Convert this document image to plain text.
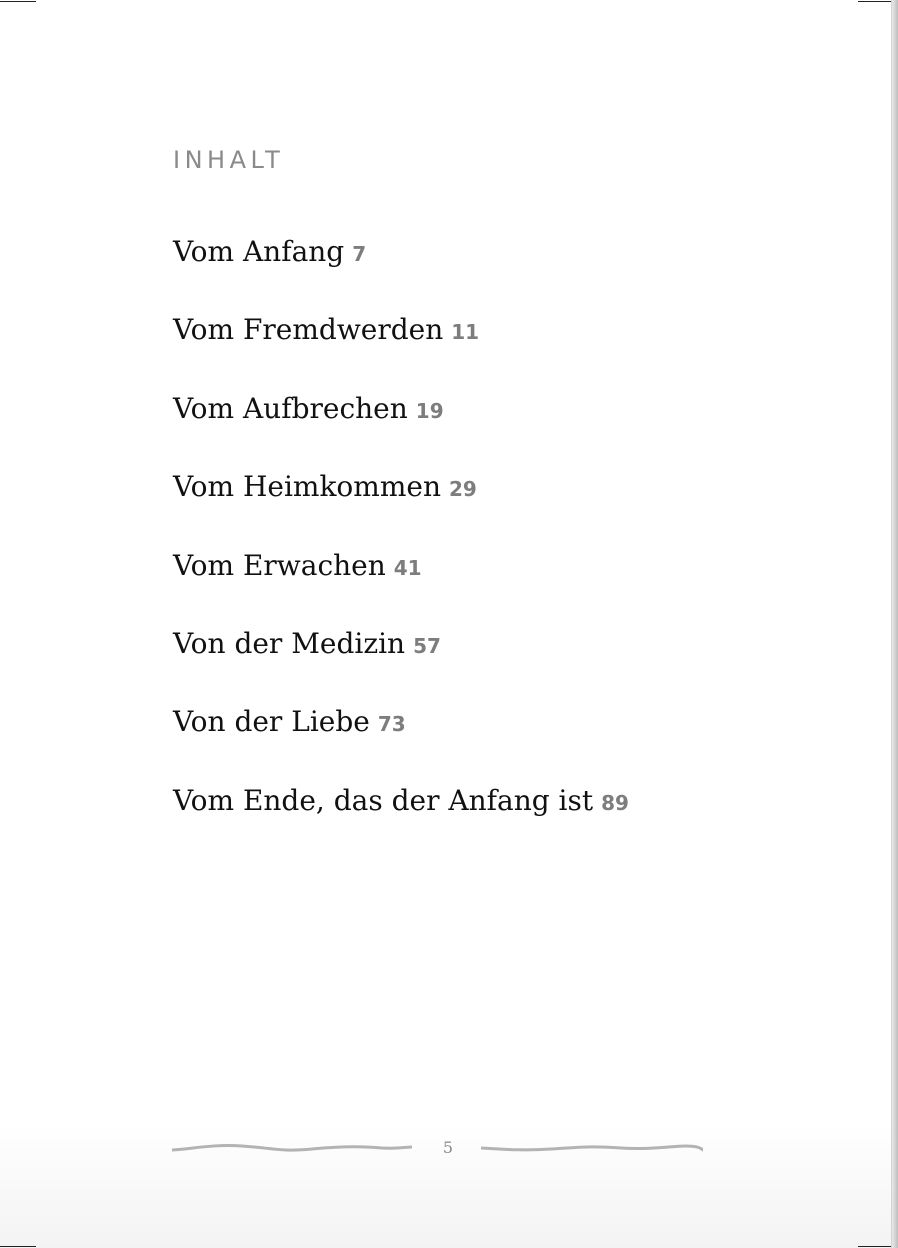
INHALT
Vom Anfang 7
Vom Fremdwerden 11
Vom Aufbrechen 19
Vom Heimkommen 29
Vom Erwachen 41
Von der Medizin 57
Von der Liebe 73
Vom Ende, das der Anfang ist 89
5
